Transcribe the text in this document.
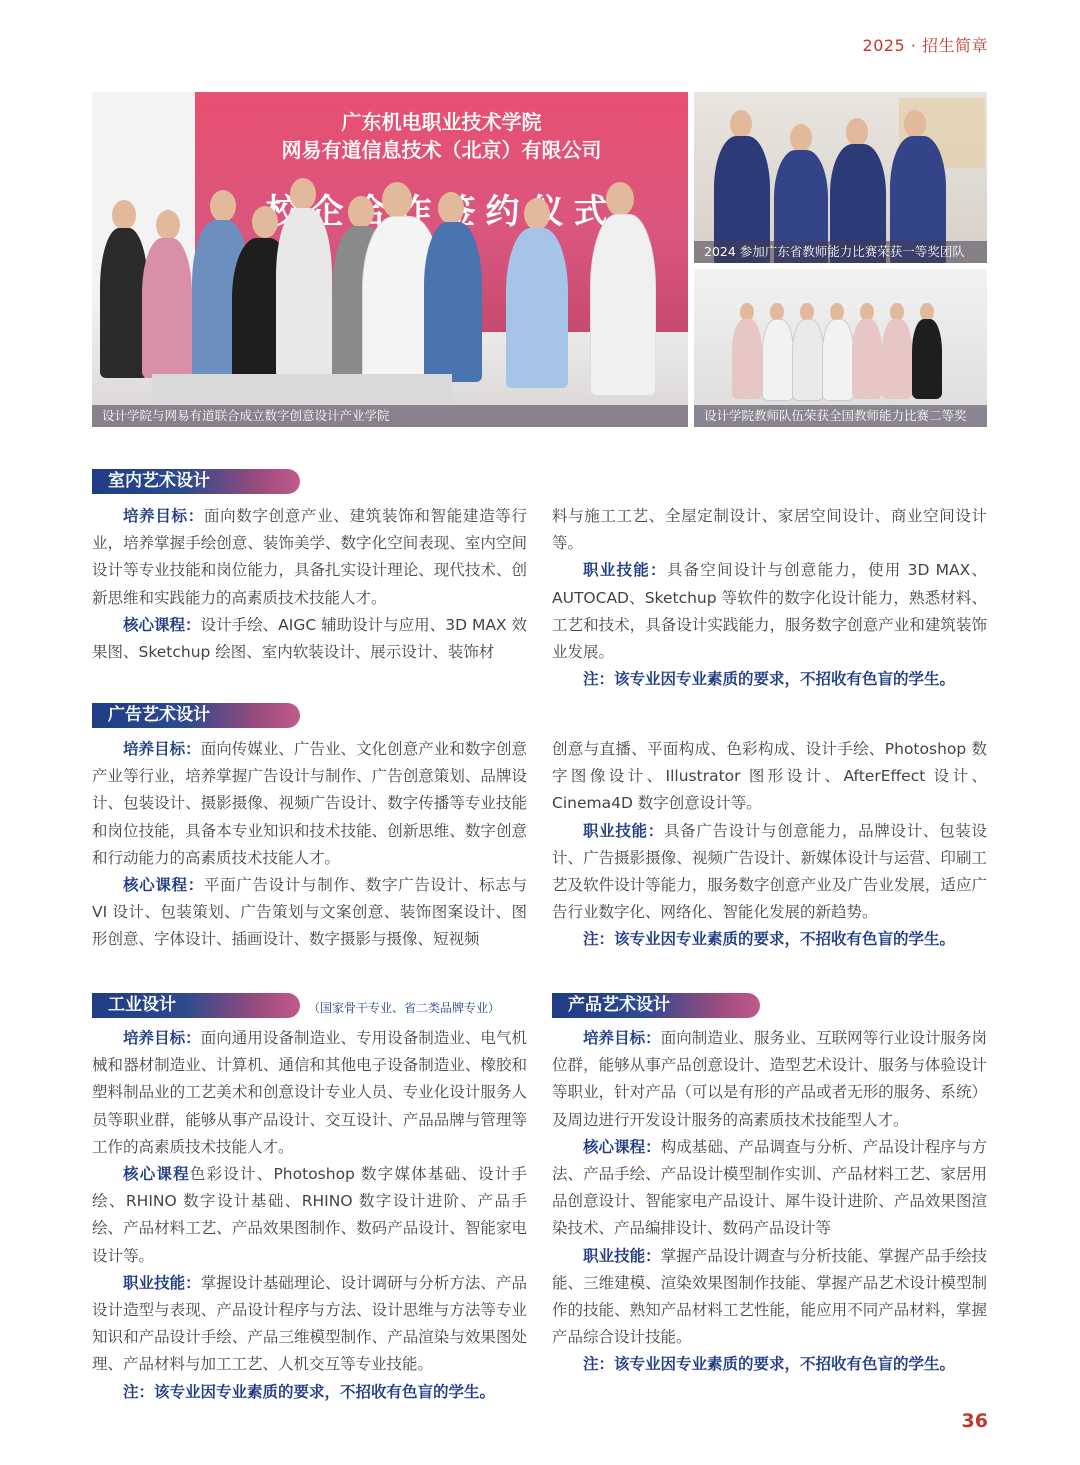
2025 · 招生简章
广东机电职业技术学院
网易有道信息技术（北京）有限公司
设计学院与网易有道联合成立数字创意设计产业学院
2024 参加广东省教师能力比赛荣获一等奖团队
设计学院教师队伍荣获全国教师能力比赛二等奖
室内艺术设计

培养目标：面向数字创意产业、建筑装饰和智能建造等行业，培养掌握手绘创意、装饰美学、数字化空间表现、室内空间设计等专业技能和岗位能力，具备扎实设计理论、现代技术、创新思维和实践能力的高素质技术技能人才。

核心课程：设计手绘、AIGC 辅助设计与应用、3D MAX 效果图、Sketchup 绘图、室内软装设计、展示设计、装饰材

料与施工工艺、全屋定制设计、家居空间设计、商业空间设计等。

职业技能：具备空间设计与创意能力，使用 3D MAX、AUTOCAD、Sketchup 等软件的数字化设计能力，熟悉材料、工艺和技术，具备设计实践能力，服务数字创意产业和建筑装饰业发展。

注：该专业因专业素质的要求，不招收有色盲的学生。

广告艺术设计

培养目标：面向传媒业、广告业、文化创意产业和数字创意产业等行业，培养掌握广告设计与制作、广告创意策划、品牌设计、包装设计、摄影摄像、视频广告设计、数字传播等专业技能和岗位技能，具备本专业知识和技术技能、创新思维、数字创意和行动能力的高素质技术技能人才。

核心课程：平面广告设计与制作、数字广告设计、标志与 VI 设计、包装策划、广告策划与文案创意、装饰图案设计、图形创意、字体设计、插画设计、数字摄影与摄像、短视频

创意与直播、平面构成、色彩构成、设计手绘、Photoshop 数字图像设计、Illustrator 图形设计、AfterEffect 设计、Cinema4D 数字创意设计等。

职业技能：具备广告设计与创意能力，品牌设计、包装设计、广告摄影摄像、视频广告设计、新媒体设计与运营、印刷工艺及软件设计等能力，服务数字创意产业及广告业发展，适应广告行业数字化、网络化、智能化发展的新趋势。

注：该专业因专业素质的要求，不招收有色盲的学生。

工业设计	（国家骨干专业、省二类品牌专业）

培养目标：面向通用设备制造业、专用设备制造业、电气机械和器材制造业、计算机、通信和其他电子设备制造业、橡胶和塑料制品业的工艺美术和创意设计专业人员、专业化设计服务人员等职业群，能够从事产品设计、交互设计、产品品牌与管理等工作的高素质技术技能人才。

核心课程色彩设计、Photoshop 数字媒体基础、设计手绘、RHINO 数字设计基础、RHINO 数字设计进阶、产品手绘、产品材料工艺、产品效果图制作、数码产品设计、智能家电设计等。

职业技能：掌握设计基础理论、设计调研与分析方法、产品设计造型与表现、产品设计程序与方法、设计思维与方法等专业知识和产品设计手绘、产品三维模型制作、产品渲染与效果图处理、产品材料与加工工艺、人机交互等专业技能。

注：该专业因专业素质的要求，不招收有色盲的学生。

产品艺术设计

培养目标：面向制造业、服务业、互联网等行业设计服务岗位群，能够从事产品创意设计、造型艺术设计、服务与体验设计等职业，针对产品（可以是有形的产品或者无形的服务、系统）及周边进行开发设计服务的高素质技术技能型人才。

核心课程：构成基础、产品调查与分析、产品设计程序与方法、产品手绘、产品设计模型制作实训、产品材料工艺、家居用品创意设计、智能家电产品设计、犀牛设计进阶、产品效果图渲染技术、产品编排设计、数码产品设计等

职业技能：掌握产品设计调查与分析技能、掌握产品手绘技能、三维建模、渲染效果图制作技能、掌握产品艺术设计模型制作的技能、熟知产品材料工艺性能，能应用不同产品材料，掌握产品综合设计技能。

注：该专业因专业素质的要求，不招收有色盲的学生。

36
